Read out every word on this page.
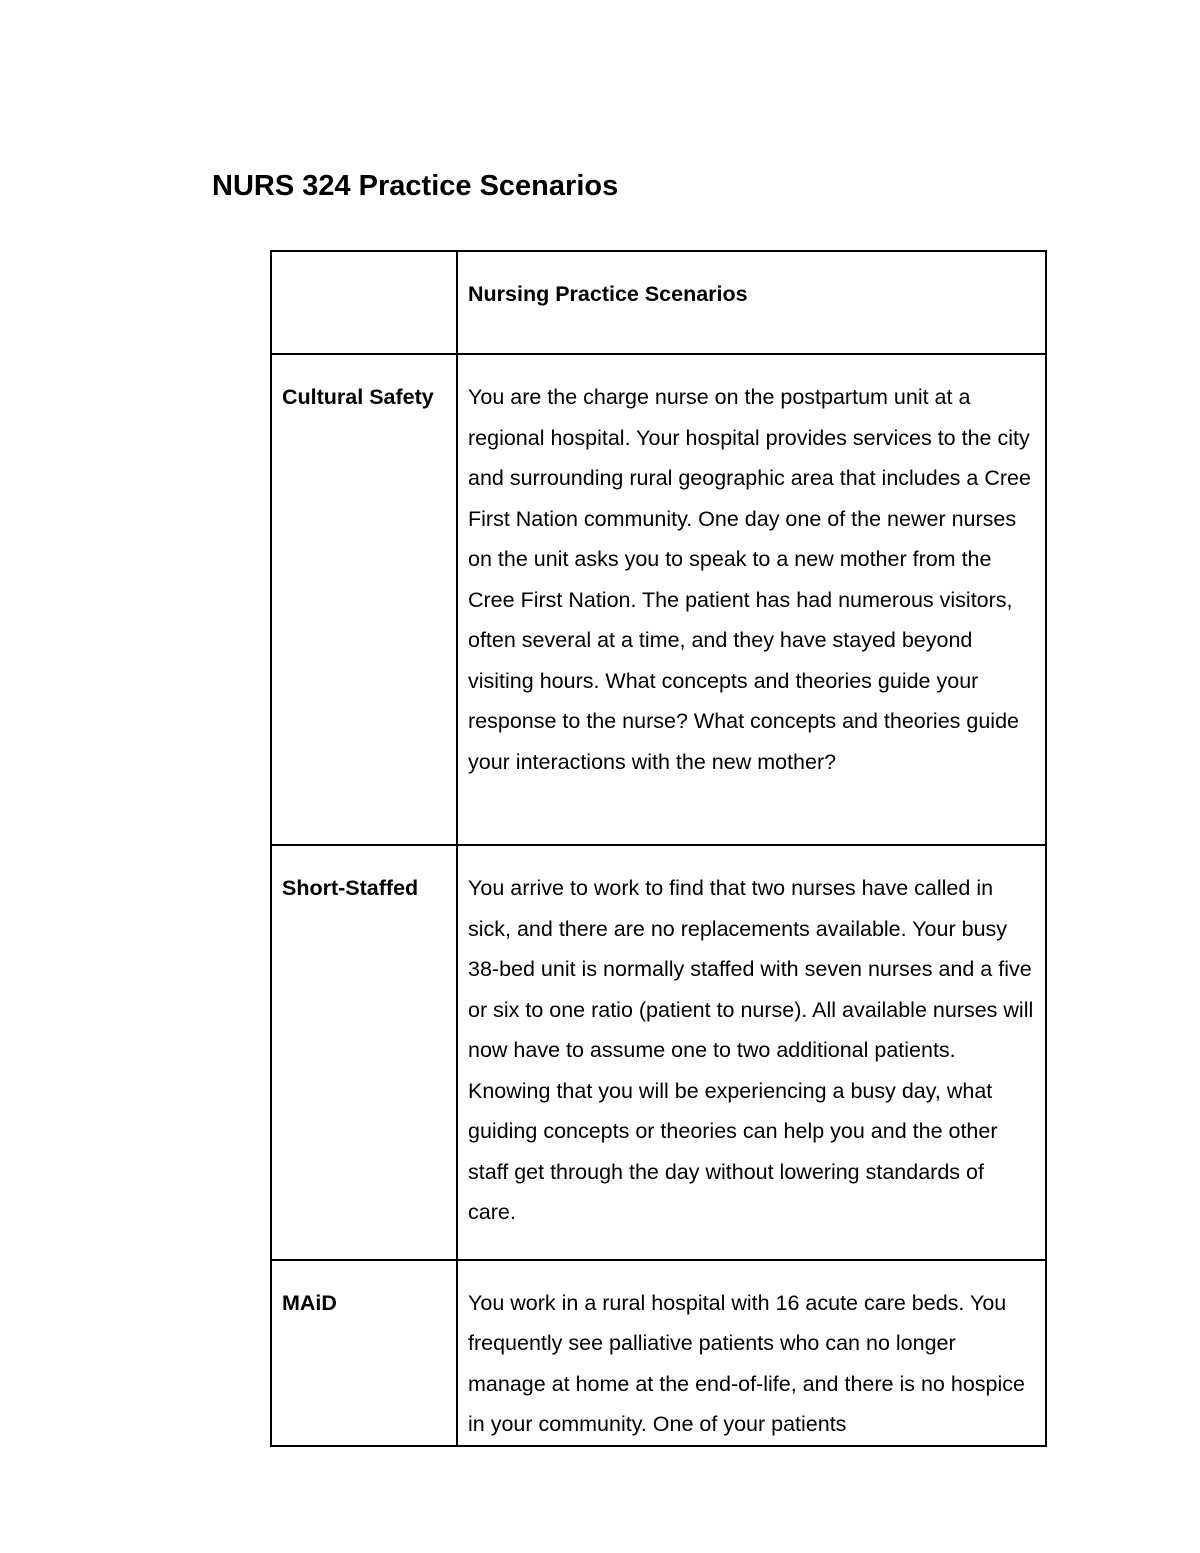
NURS 324 Practice Scenarios
	Nursing Practice Scenarios
Cultural Safety	You are the charge nurse on the postpartum unit at a regional hospital. Your hospital provides services to the city and surrounding rural geographic area that includes a Cree First Nation community. One day one of the newer nurses on the unit asks you to speak to a new mother from the Cree First Nation. The patient has had numerous visitors, often several at a time, and they have stayed beyond visiting hours. What concepts and theories guide your response to the nurse? What concepts and theories guide your interactions with the new mother?
Short-Staffed	You arrive to work to find that two nurses have called in sick, and there are no replacements available. Your busy 38-bed unit is normally staffed with seven nurses and a five or six to one ratio (patient to nurse). All available nurses will now have to assume one to two additional patients. Knowing that you will be experiencing a busy day, what guiding concepts or theories can help you and the other staff get through the day without lowering standards of care.
MAiD	You work in a rural hospital with 16 acute care beds. You frequently see palliative patients who can no longer manage at home at the end-of-life, and there is no hospice in your community. One of your patients
